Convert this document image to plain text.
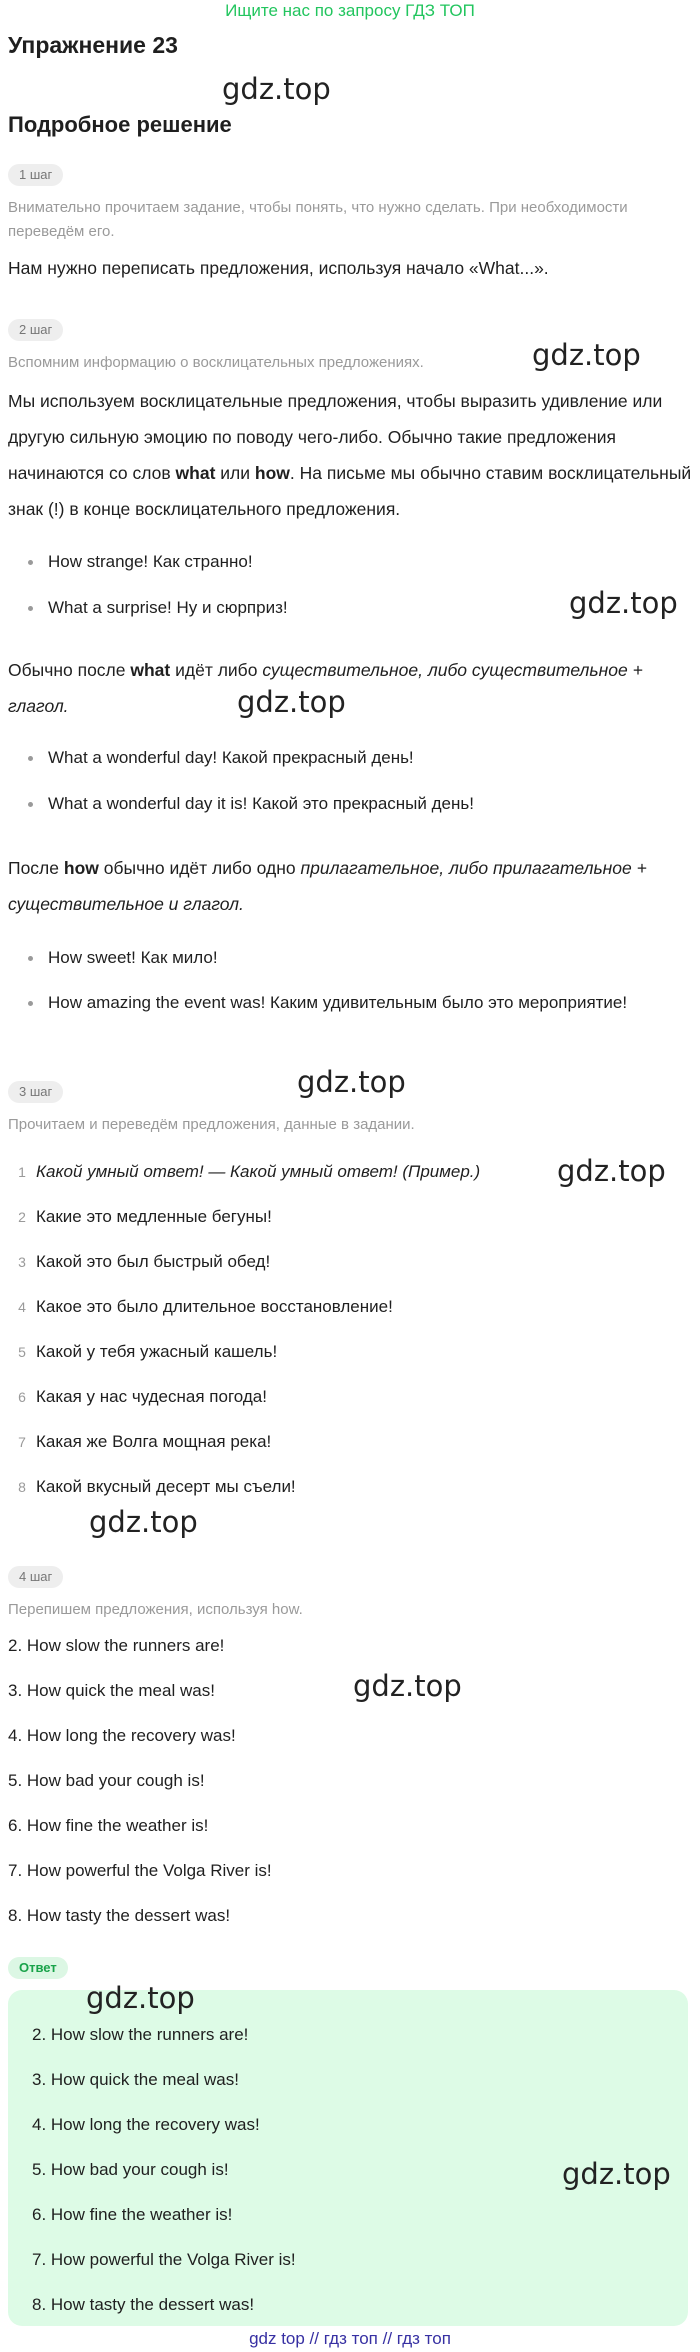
Ищите нас по запросу ГДЗ ТОП
Упражнение 23
gdz.top
Подробное решение
1 шаг
Внимательно прочитаем задание, чтобы понять, что нужно сделать. При необходимости переведём его.
Нам нужно переписать предложения, используя начало «What...».
2 шаг
Вспомним информацию о восклицательных предложениях.	gdz.top
Мы используем восклицательные предложения, чтобы выразить удивление или другую сильную эмоцию по поводу чего-либо. Обычно такие предложения начинаются со слов what или how. На письме мы обычно ставим восклицательный знак (!) в конце восклицательного предложения.
How strange! Как странно!
What a surprise! Ну и сюрприз!	gdz.top
Обычно после what идёт либо существительное, либо существительное + глагол.	gdz.top
What a wonderful day! Какой прекрасный день!
What a wonderful day it is! Какой это прекрасный день!
После how обычно идёт либо одно прилагательное, либо прилагательное + существительное и глагол.
How sweet! Как мило!
How amazing the event was! Каким удивительным было это мероприятие!
gdz.top
3 шаг
Прочитаем и переведём предложения, данные в задании.
gdz.top
1 Какой умный ответ! — Какой умный ответ! (Пример.)
2 Какие это медленные бегуны!
3 Какой это был быстрый обед!
4 Какое это было длительное восстановление!
5 Какой у тебя ужасный кашель!
6 Какая у нас чудесная погода!
7 Какая же Волга мощная река!
8 Какой вкусный десерт мы съели!
gdz.top
4 шаг
Перепишем предложения, используя how.
2. How slow the runners are!
3. How quick the meal was!	gdz.top
4. How long the recovery was!
5. How bad your cough is!
6. How fine the weather is!
7. How powerful the Volga River is!
8. How tasty the dessert was!
Ответ
gdz.top
2. How slow the runners are!
3. How quick the meal was!
4. How long the recovery was!
5. How bad your cough is!	gdz.top
6. How fine the weather is!
7. How powerful the Volga River is!
8. How tasty the dessert was!
gdz top // гдз топ // гдз топ
